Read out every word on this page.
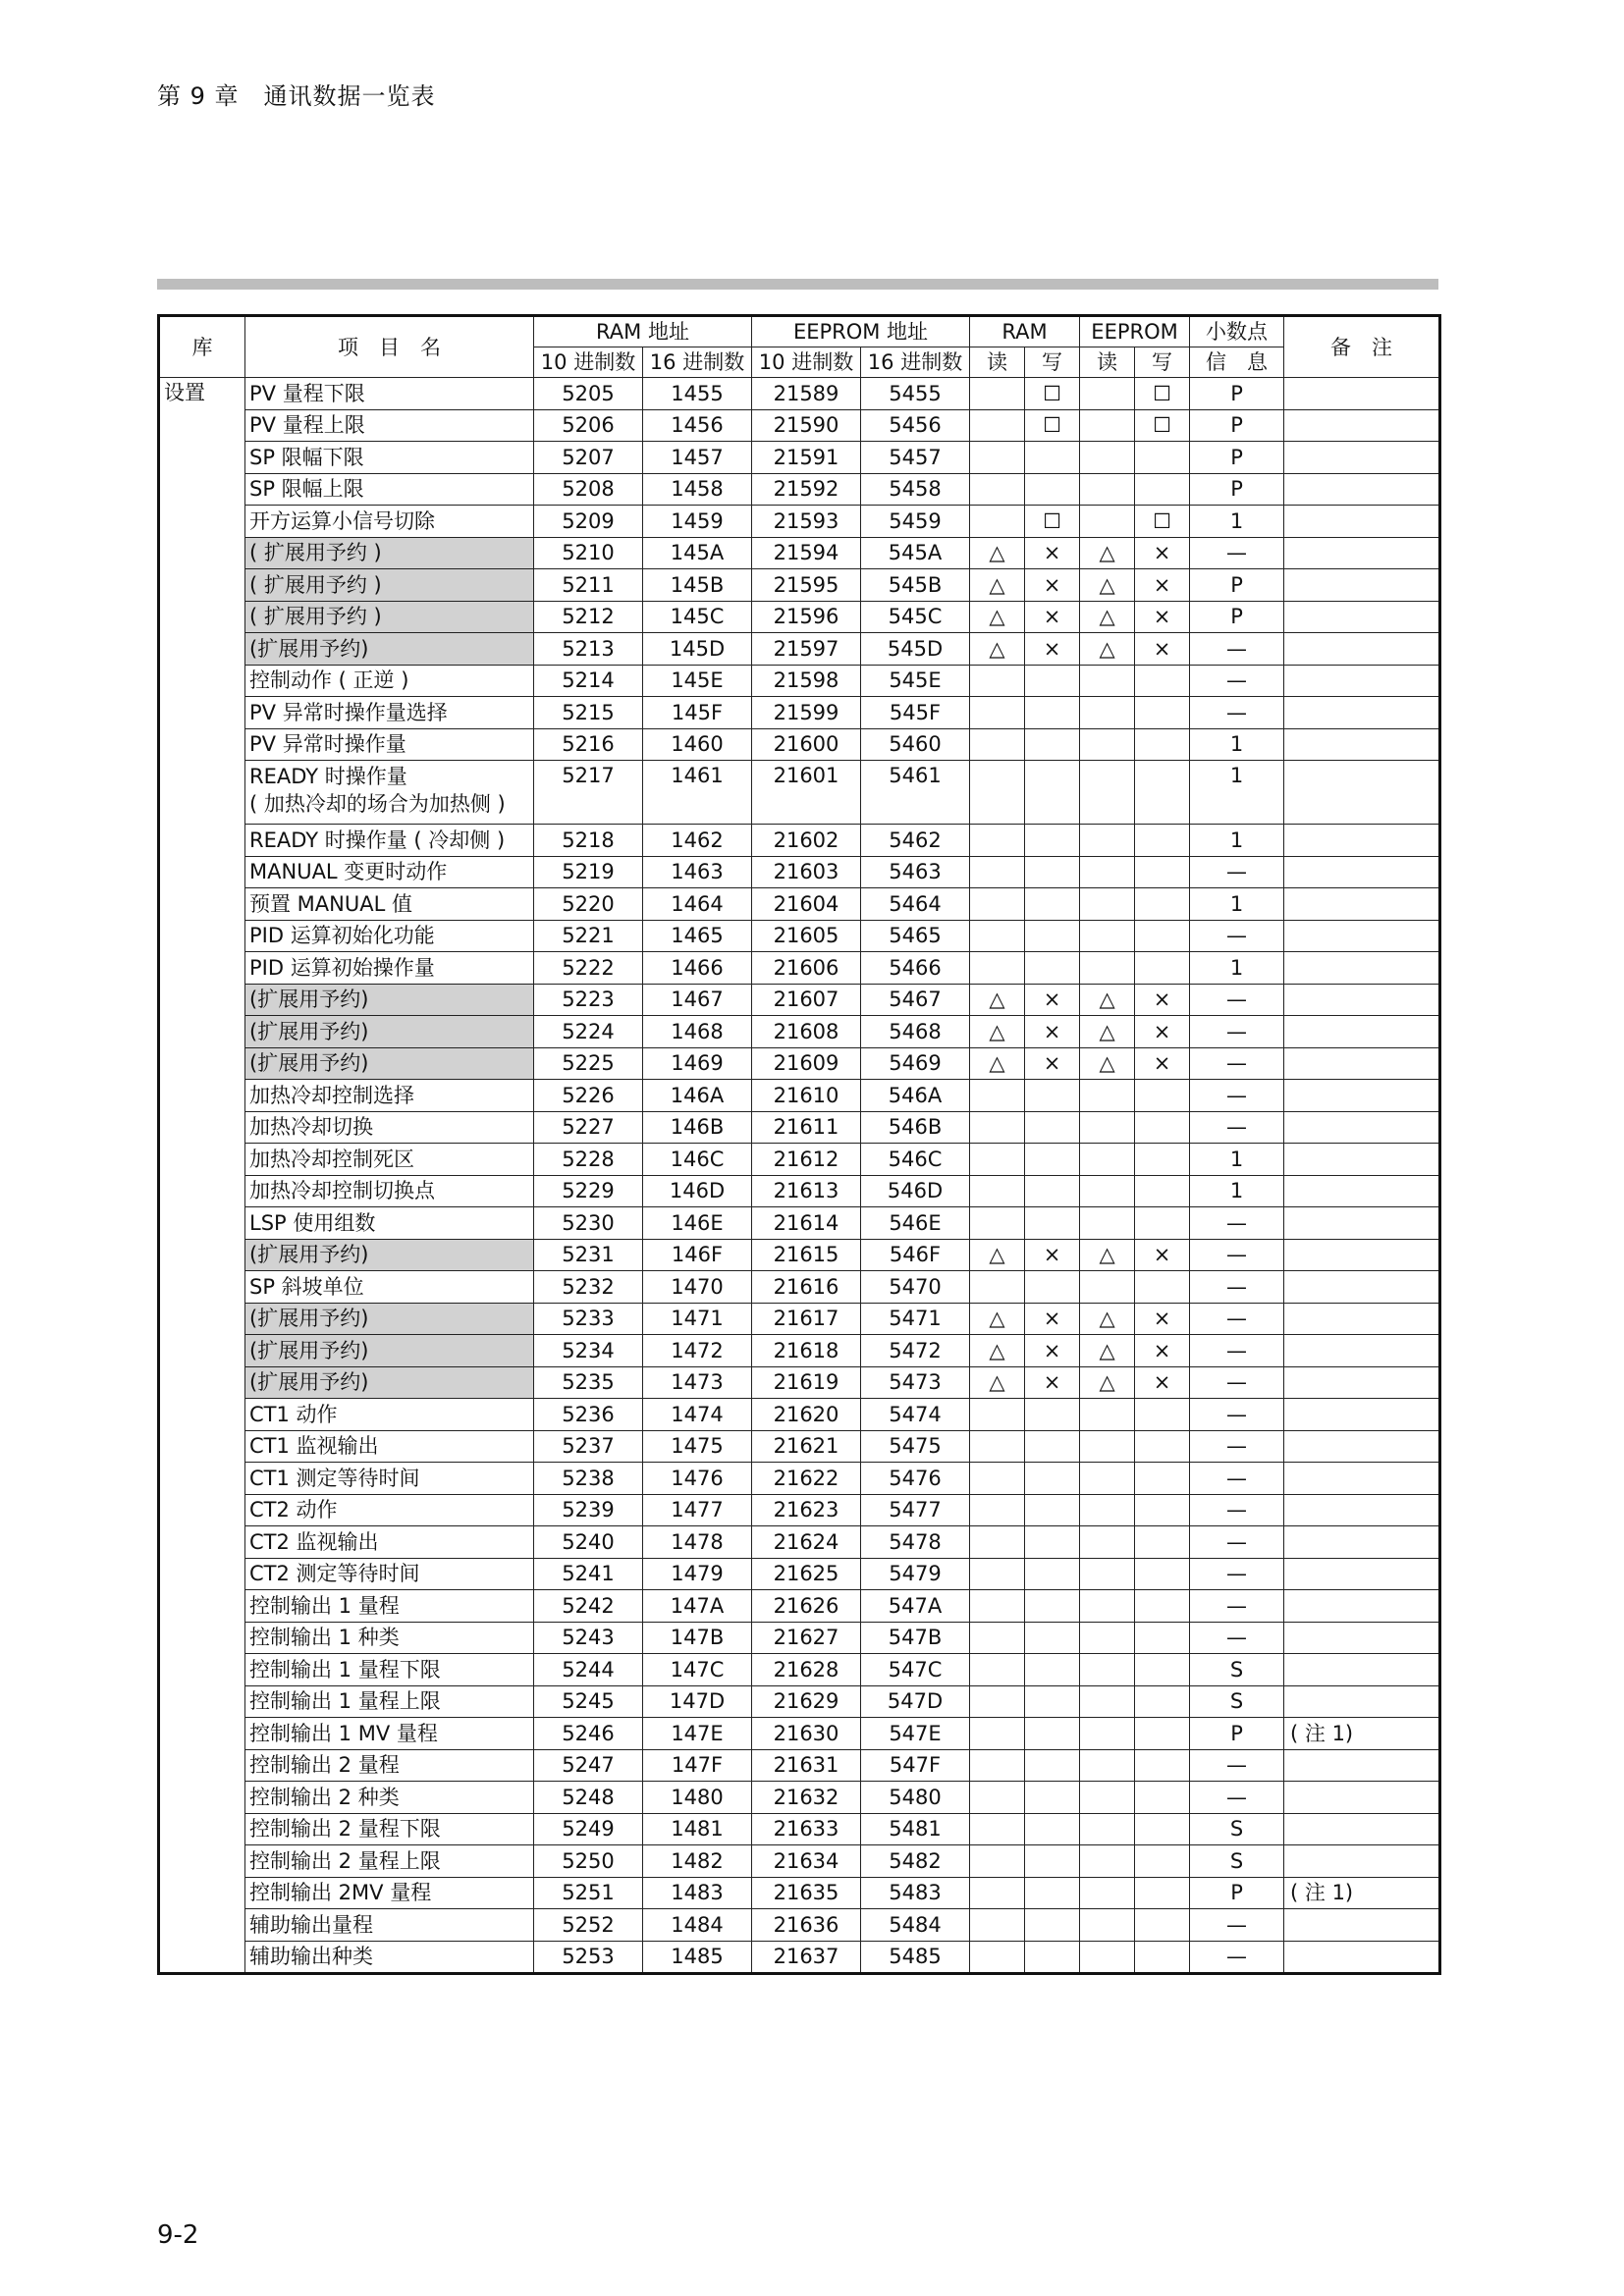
第 9 章　通讯数据一览表
库	项　目　名	RAM 地址		EEPROM 地址		RAM		EEPROM		小数点	备　注
		10 进制数	16 进制数	10 进制数	16 进制数	读	写	读	写	信　息	
设置	PV 量程下限	5205	1455	21589	5455		☐		☐	P	
	PV 量程上限	5206	1456	21590	5456		☐		☐	P	
	SP 限幅下限	5207	1457	21591	5457					P	
	SP 限幅上限	5208	1458	21592	5458					P	
	开方运算小信号切除	5209	1459	21593	5459		☐		☐	1	
	( 扩展用予约 )	5210	145A	21594	545A	△	×	△	×	—	
	( 扩展用予约 )	5211	145B	21595	545B	△	×	△	×	P	
	( 扩展用予约 )	5212	145C	21596	545C	△	×	△	×	P	
	(扩展用予约)	5213	145D	21597	545D	△	×	△	×	—	
	控制动作 ( 正逆 )	5214	145E	21598	545E					—	
	PV 异常时操作量选择	5215	145F	21599	545F					—	
	PV 异常时操作量	5216	1460	21600	5460					1	

	READY 时操作量
( 加热冷却的场合为加热侧 )	5217	1461	21601	5461					1	
	READY 时操作量 ( 冷却侧 )	5218	1462	21602	5462					1	
	MANUAL 变更时动作	5219	1463	21603	5463					—	
	预置 MANUAL 值	5220	1464	21604	5464					1	
	PID 运算初始化功能	5221	1465	21605	5465					—	
	PID 运算初始操作量	5222	1466	21606	5466					1	
	(扩展用予约)	5223	1467	21607	5467	△	×	△	×	—	
	(扩展用予约)	5224	1468	21608	5468	△	×	△	×	—	
	(扩展用予约)	5225	1469	21609	5469	△	×	△	×	—	
	加热冷却控制选择	5226	146A	21610	546A					—	
	加热冷却切换	5227	146B	21611	546B					—	
	加热冷却控制死区	5228	146C	21612	546C					1	
	加热冷却控制切换点	5229	146D	21613	546D					1	
	LSP 使用组数	5230	146E	21614	546E					—	
	(扩展用予约)	5231	146F	21615	546F	△	×	△	×	—	
	SP 斜坡单位	5232	1470	21616	5470					—	
	(扩展用予约)	5233	1471	21617	5471	△	×	△	×	—	
	(扩展用予约)	5234	1472	21618	5472	△	×	△	×	—	
	(扩展用予约)	5235	1473	21619	5473	△	×	△	×	—	
	CT1 动作	5236	1474	21620	5474					—	
	CT1 监视输出	5237	1475	21621	5475					—	
	CT1 测定等待时间	5238	1476	21622	5476					—	
	CT2 动作	5239	1477	21623	5477					—	
	CT2 监视输出	5240	1478	21624	5478					—	
	CT2 测定等待时间	5241	1479	21625	5479					—	
	控制输出 1 量程	5242	147A	21626	547A					—	
	控制输出 1 种类	5243	147B	21627	547B					—	
	控制输出 1 量程下限	5244	147C	21628	547C					S	
	控制输出 1 量程上限	5245	147D	21629	547D					S	
	控制输出 1 MV 量程	5246	147E	21630	547E					P	( 注 1)
	控制输出 2 量程	5247	147F	21631	547F					—	
	控制输出 2 种类	5248	1480	21632	5480					—	
	控制输出 2 量程下限	5249	1481	21633	5481					S	
	控制输出 2 量程上限	5250	1482	21634	5482					S	
	控制输出 2MV 量程	5251	1483	21635	5483					P	( 注 1)
	辅助输出量程	5252	1484	21636	5484					—	
	辅助输出种类	5253	1485	21637	5485					—	
9-2
